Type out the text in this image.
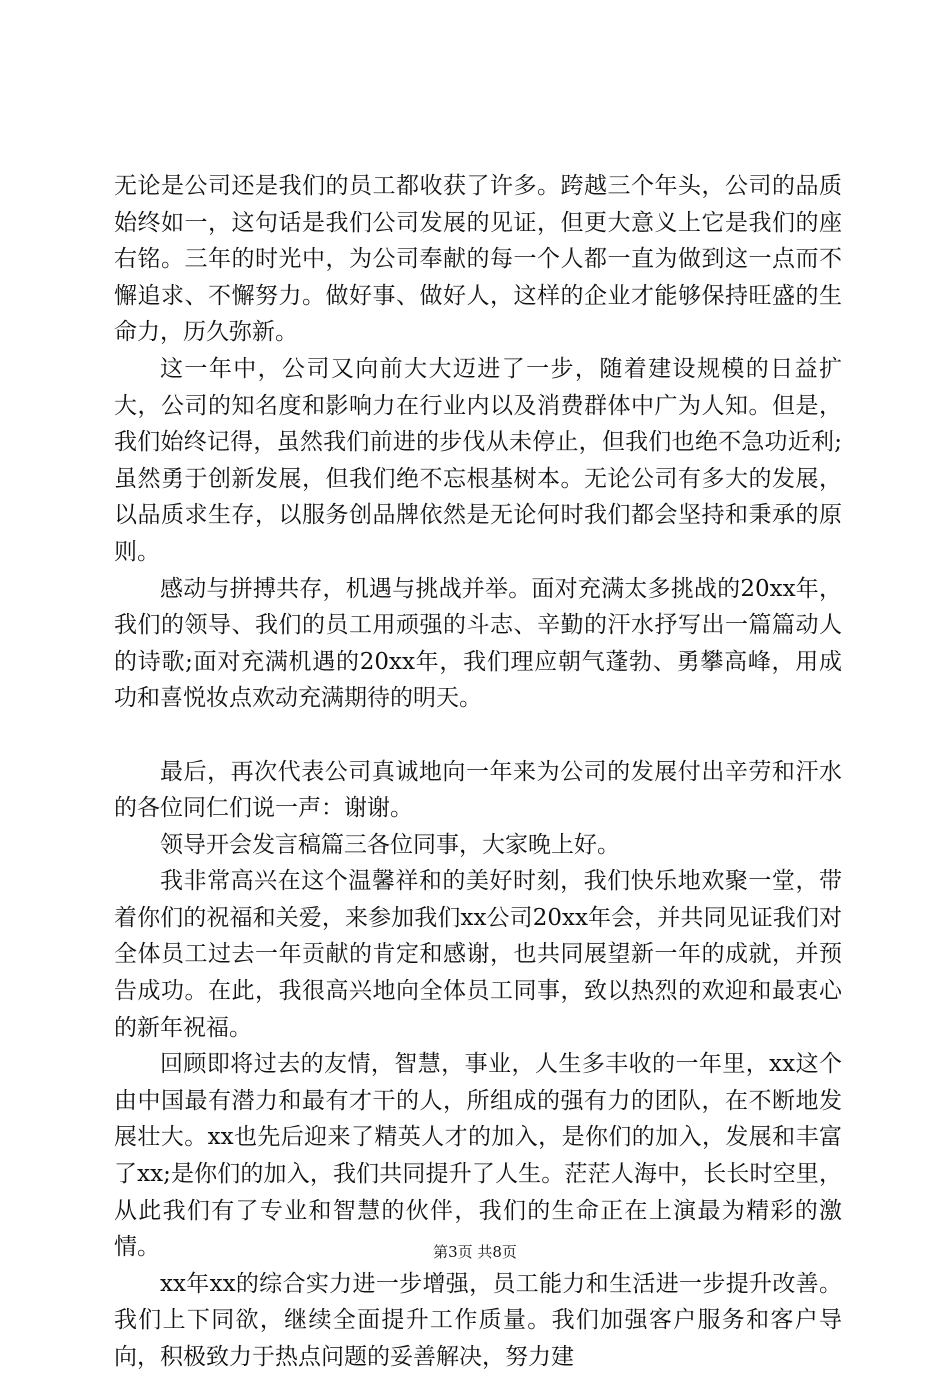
无论是公司还是我们的员工都收获了许多。跨越三个年头，公司的品质始终如一，这句话是我们公司发展的见证，但更大意义上它是我们的座右铭。三年的时光中，为公司奉献的每一个人都一直为做到这一点而不懈追求、不懈努力。做好事、做好人，这样的企业才能够保持旺盛的生命力，历久弥新。

这一年中，公司又向前大大迈进了一步，随着建设规模的日益扩大，公司的知名度和影响力在行业内以及消费群体中广为人知。但是，我们始终记得，虽然我们前进的步伐从未停止，但我们也绝不急功近利;虽然勇于创新发展，但我们绝不忘根基树本。无论公司有多大的发展，以品质求生存，以服务创品牌依然是无论何时我们都会坚持和秉承的原则。

感动与拼搏共存，机遇与挑战并举。面对充满太多挑战的20xx年，我们的领导、我们的员工用顽强的斗志、辛勤的汗水抒写出一篇篇动人的诗歌;面对充满机遇的20xx年，我们理应朝气蓬勃、勇攀高峰，用成功和喜悦妆点欢动充满期待的明天。

最后，再次代表公司真诚地向一年来为公司的发展付出辛劳和汗水的各位同仁们说一声：谢谢。

领导开会发言稿篇三各位同事，大家晚上好。

我非常高兴在这个温馨祥和的美好时刻，我们快乐地欢聚一堂，带着你们的祝福和关爱，来参加我们xx公司20xx年会，并共同见证我们对全体员工过去一年贡献的肯定和感谢，也共同展望新一年的成就，并预告成功。在此，我很高兴地向全体员工同事，致以热烈的欢迎和最衷心的新年祝福。

回顾即将过去的友情，智慧，事业，人生多丰收的一年里，xx这个由中国最有潜力和最有才干的人，所组成的强有力的团队，在不断地发展壮大。xx也先后迎来了精英人才的加入，是你们的加入，发展和丰富了xx;是你们的加入，我们共同提升了人生。茫茫人海中，长长时空里，从此我们有了专业和智慧的伙伴，我们的生命正在上演最为精彩的激情。

xx年xx的综合实力进一步增强，员工能力和生活进一步提升改善。我们上下同欲，继续全面提升工作质量。我们加强客户服务和客户导向，积极致力于热点问题的妥善解决，努力建

第3页 共8页
